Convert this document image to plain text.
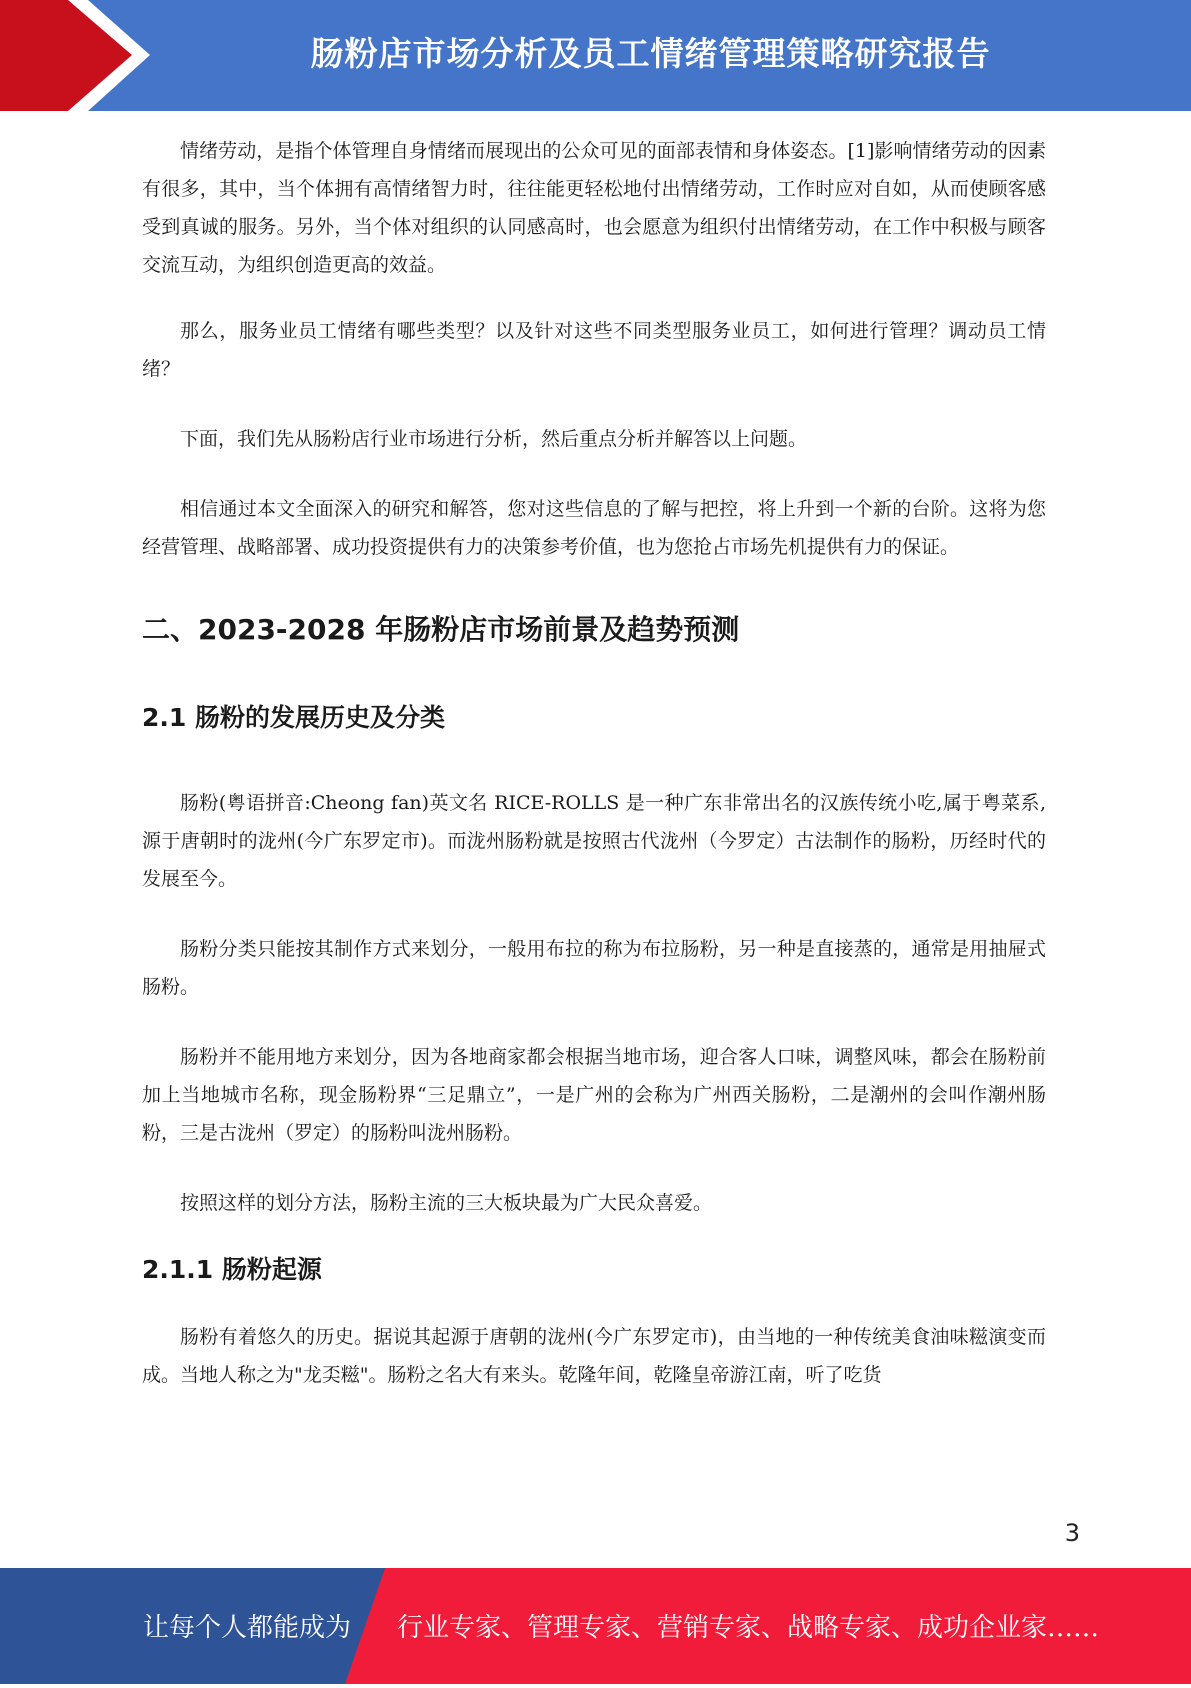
肠粉店市场分析及员工情绪管理策略研究报告

情绪劳动，是指个体管理自身情绪而展现出的公众可见的面部表情和身体姿态。[1]影响情绪劳动的因素有很多，其中，当个体拥有高情绪智力时，往往能更轻松地付出情绪劳动，工作时应对自如，从而使顾客感受到真诚的服务。另外，当个体对组织的认同感高时，也会愿意为组织付出情绪劳动，在工作中积极与顾客交流互动，为组织创造更高的效益。

那么，服务业员工情绪有哪些类型？以及针对这些不同类型服务业员工，如何进行管理？调动员工情绪？

下面，我们先从肠粉店行业市场进行分析，然后重点分析并解答以上问题。

相信通过本文全面深入的研究和解答，您对这些信息的了解与把控，将上升到一个新的台阶。这将为您经营管理、战略部署、成功投资提供有力的决策参考价值，也为您抢占市场先机提供有力的保证。

二、2023-2028 年肠粉店市场前景及趋势预测
2.1 肠粉的发展历史及分类

肠粉(粤语拼音:Cheong fan)英文名 RICE-ROLLS 是一种广东非常出名的汉族传统小吃,属于粤菜系,源于唐朝时的泷州(今广东罗定市)。而泷州肠粉就是按照古代泷州（今罗定）古法制作的肠粉，历经时代的发展至今。

肠粉分类只能按其制作方式来划分，一般用布拉的称为布拉肠粉，另一种是直接蒸的，通常是用抽屉式肠粉。

肠粉并不能用地方来划分，因为各地商家都会根据当地市场，迎合客人口味，调整风味，都会在肠粉前加上当地城市名称，现金肠粉界“三足鼎立”，一是广州的会称为广州西关肠粉，二是潮州的会叫作潮州肠粉，三是古泷州（罗定）的肠粉叫泷州肠粉。

按照这样的划分方法，肠粉主流的三大板块最为广大民众喜爱。

2.1.1 肠粉起源

肠粉有着悠久的历史。据说其起源于唐朝的泷州(今广东罗定市)，由当地的一种传统美食油味糍演变而成。当地人称之为"龙奀糍"。肠粉之名大有来头。乾隆年间，乾隆皇帝游江南，听了吃货

3
让每个人都能成为 行业专家、管理专家、营销专家、战略专家、成功企业家……
